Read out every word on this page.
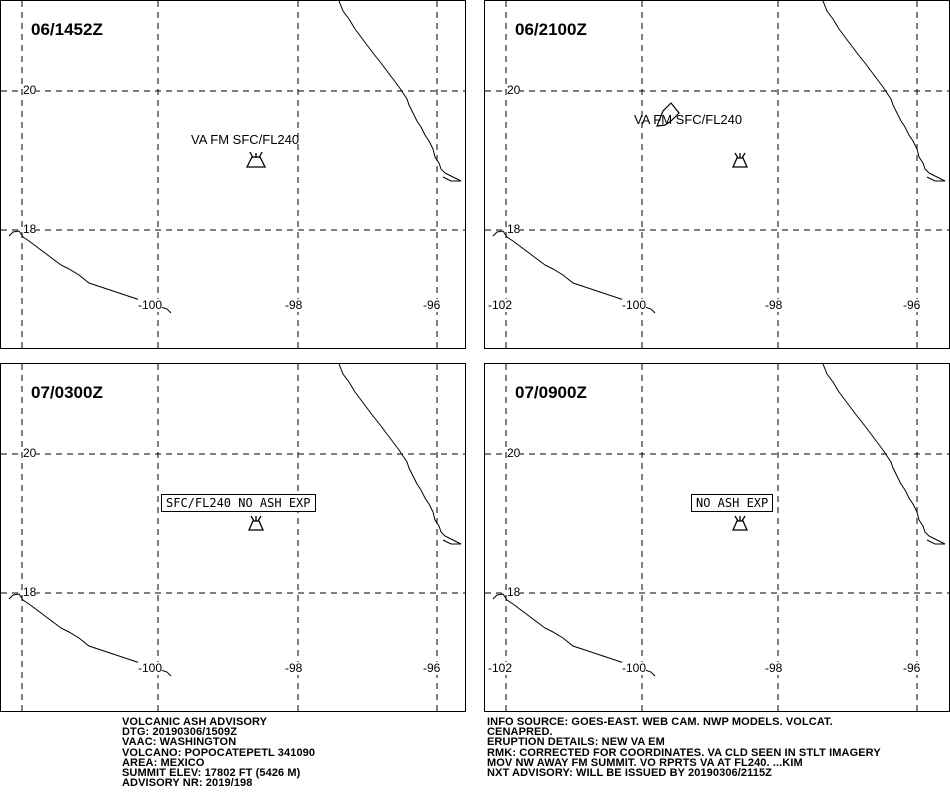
06/1452Z
VA FM SFC/FL240
20
18
-100	-98	-96
06/2100Z
VA FM SFC/FL240
20
18
-102	-100	-98	-96
07/0300Z
SFC/FL240 NO ASH EXP
20
18
-100	-98	-96
07/0900Z
NO ASH EXP
20
18
-102	-100	-98	-96
VOLCANIC ASH ADVISORY
DTG: 20190306/1509Z
VAAC: WASHINGTON
VOLCANO: POPOCATEPETL 341090
AREA: MEXICO
SUMMIT ELEV: 17802 FT (5426 M)
ADVISORY NR: 2019/198
INFO SOURCE: GOES-EAST. WEB CAM. NWP MODELS. VOLCAT.
CENAPRED.
ERUPTION DETAILS: NEW VA EM
RMK: CORRECTED FOR COORDINATES. VA CLD SEEN IN STLT IMAGERY
MOV NW AWAY FM SUMMIT. VO RPRTS VA AT FL240. ...KIM
NXT ADVISORY: WILL BE ISSUED BY 20190306/2115Z
